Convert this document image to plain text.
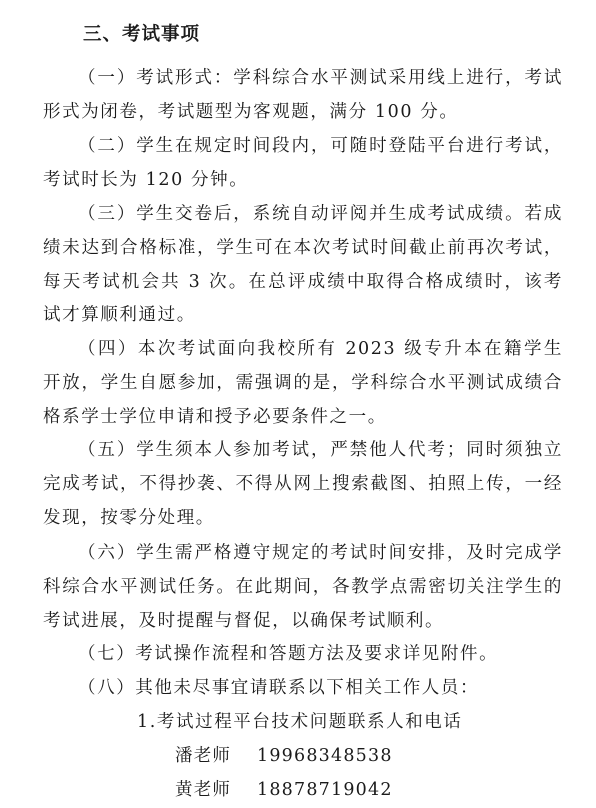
三、考试事项

（一）考试形式：学科综合水平测试采用线上进行，考试形式为闭卷，考试题型为客观题，满分 100 分。

（二）学生在规定时间段内，可随时登陆平台进行考试，考试时长为 120 分钟。

（三）学生交卷后，系统自动评阅并生成考试成绩。若成绩未达到合格标准，学生可在本次考试时间截止前再次考试，每天考试机会共 3 次。在总评成绩中取得合格成绩时，该考试才算顺利通过。

（四）本次考试面向我校所有 2023 级专升本在籍学生开放，学生自愿参加，需强调的是，学科综合水平测试成绩合格系学士学位申请和授予必要条件之一。

（五）学生须本人参加考试，严禁他人代考；同时须独立完成考试，不得抄袭、不得从网上搜索截图、拍照上传，一经发现，按零分处理。

（六）学生需严格遵守规定的考试时间安排，及时完成学科综合水平测试任务。在此期间，各教学点需密切关注学生的考试进展，及时提醒与督促，以确保考试顺利。

（七）考试操作流程和答题方法及要求详见附件。

（八）其他未尽事宜请联系以下相关工作人员：

1.考试过程平台技术问题联系人和电话
潘老师 19968348538
黄老师 18878719042
